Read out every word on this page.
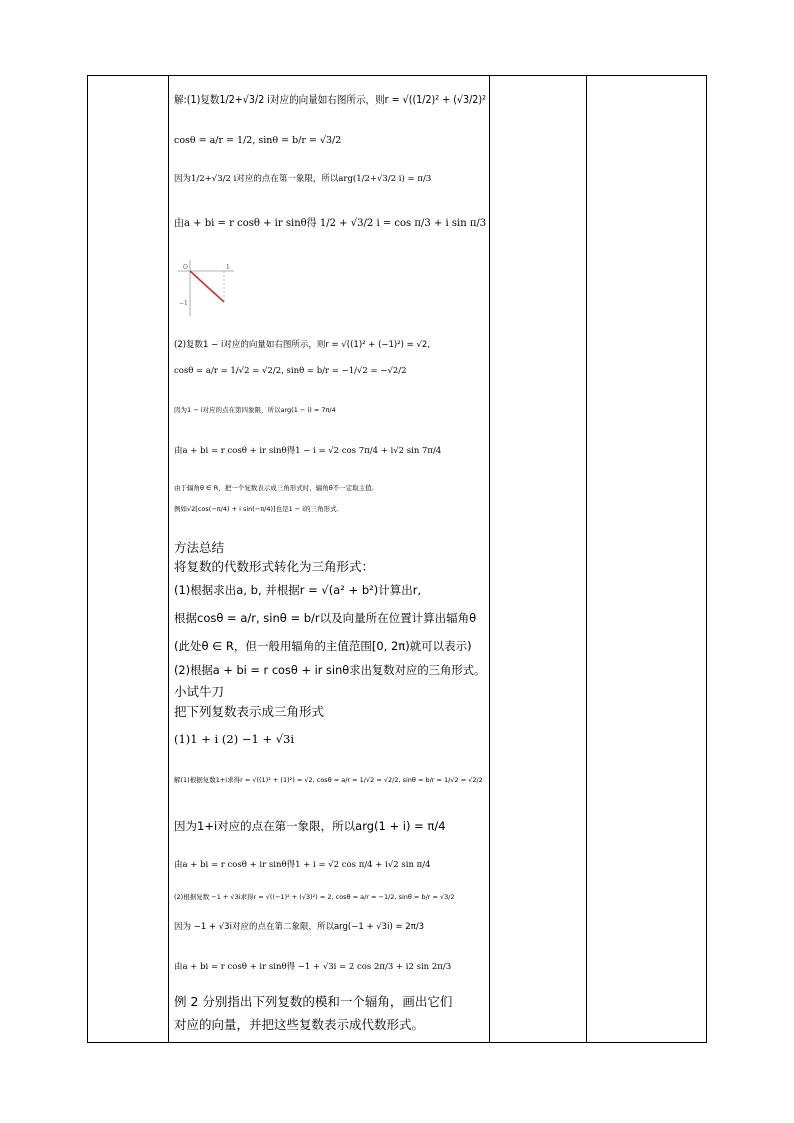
解:(1)复数1/2+√3/2 i对应的向量如右图所示，则r = √((1/2)² + (√3/2)²
cosθ = a/r = 1/2, sinθ = b/r = √3/2
因为1/2+√3/2 i对应的点在第一象限，所以arg(1/2+√3/2 i) = π/3
由a + bi = r cosθ + ir sinθ得 1/2 + √3/2 i = cos π/3 + i sin π/3
O	1
−1
(2)复数1 − i对应的向量如右图所示，则r = √((1)² + (−1)²) = √2,
cosθ = a/r = 1/√2 = √2/2, sinθ = b/r = −1/√2 = −√2/2
因为1 − i对应的点在第四象限，所以arg(1 − i) = 7π/4
由a + bi = r cosθ + ir sinθ得1 − i = √2 cos 7π/4 + i√2 sin 7π/4
由于辐角θ ∈ R，把一个复数表示成三角形式时，辐角θ不一定取主值.
例如√2[cos(−π/4) + i sin(−π/4)]也是1 − i的三角形式.
方法总结
将复数的代数形式转化为三角形式：
(1)根据求出a, b, 并根据r = √(a² + b²)计算出r,
根据cosθ = a/r, sinθ = b/r以及向量所在位置计算出辐角θ
(此处θ ∈ R，但一般用辐角的主值范围[0, 2π)就可以表示)
(2)根据a + bi = r cosθ + ir sinθ求出复数对应的三角形式。
小试牛刀
把下列复数表示成三角形式
(1)1 + i (2) −1 + √3i
解(1)根据复数1+i求得r = √((1)² + (1)²) = √2, cosθ = a/r = 1/√2 = √2/2, sinθ = b/r = 1/√2 = √2/2
因为1+i对应的点在第一象限，所以arg(1 + i) = π/4
由a + bi = r cosθ + ir sinθ得1 + i = √2 cos π/4 + i√2 sin π/4
(2)根据复数 −1 + √3i求得r = √((−1)² + (√3)²) = 2, cosθ = a/r = −1/2, sinθ = b/r = √3/2
因为 −1 + √3i对应的点在第二象限，所以arg(−1 + √3i) = 2π/3
由a + bi = r cosθ + ir sinθ得 −1 + √3i = 2 cos 2π/3 + i2 sin 2π/3
例 2 分别指出下列复数的模和一个辐角，画出它们
对应的向量，并把这些复数表示成代数形式。
